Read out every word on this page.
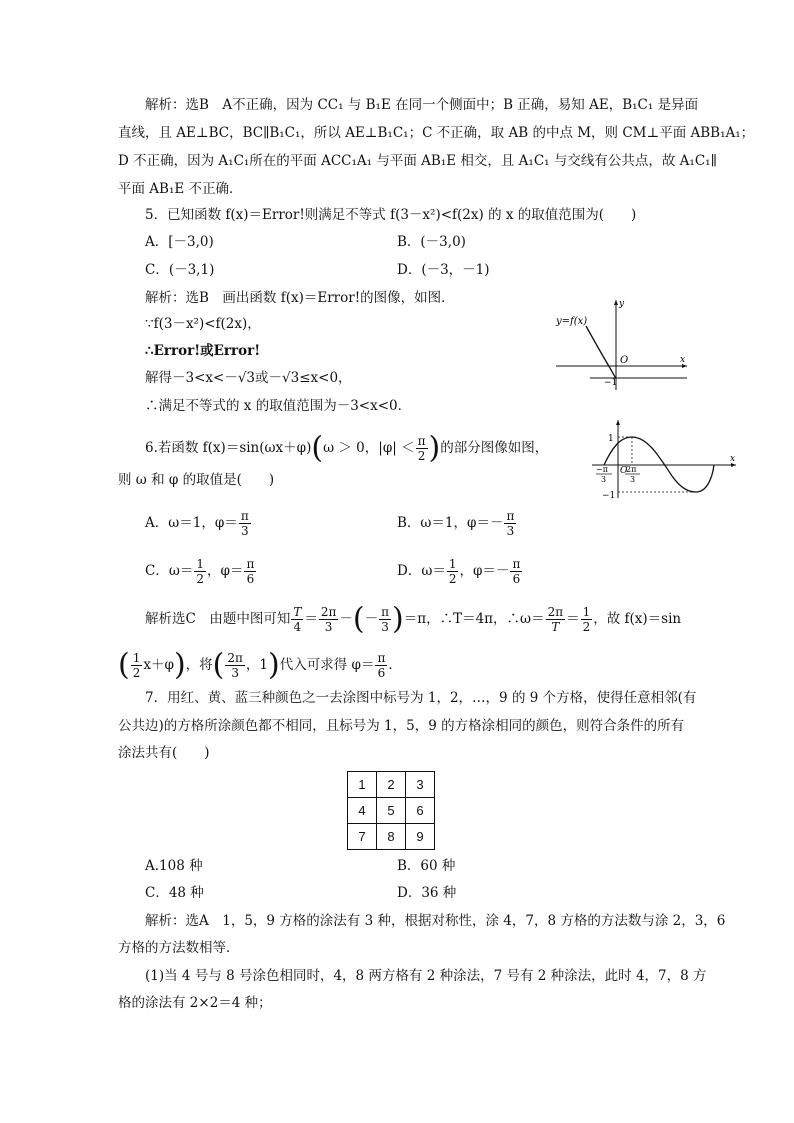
解析：选B　A不正确，因为 CC₁ 与 B₁E 在同一个侧面中；B 正确，易知 AE，B₁C₁ 是异面
直线，且 AE⊥BC，BC∥B₁C₁，所以 AE⊥B₁C₁；C 不正确，取 AB 的中点 M，则 CM⊥平面 ABB₁A₁；
D 不正确，因为 A₁C₁所在的平面 ACC₁A₁ 与平面 AB₁E 相交，且 A₁C₁ 与交线有公共点，故 A₁C₁∥
平面 AB₁E 不正确．
5．已知函数 f(x)＝Error!则满足不等式 f(3－x²)<f(2x) 的 x 的取值范围为(　　)
A．[－3,0)	B．(－3,0)
C．(－3,1)	D．(－3，－1)
解析：选B　画出函数 f(x)＝Error!的图像，如图．
∵f(3－x²)<f(2x)，
∴Error!或Error!
解得－3<x<－√3或－√3≤x<0，
∴满足不等式的 x 的取值范围为－3<x<0．
y=f(x)
O	x
y
−1
6.若函数 f(x)＝sin(ωx＋φ)(ω ＞ 0，$|\varphi| < \frac{\pi}{2}$ )的部分图像如图，
则 ω 和 φ 的取值是(　　)
1
−1
O
x
−π
3
2π
3
A．ω＝1，$\varphi= \frac{\pi}{3}$	B．ω＝1，$\varphi=- \frac{\pi}{3}$
C．$\omega= \frac{1}{2}$ ，$\varphi= \frac{\pi}{6}$	D．$\omega= \frac{1}{2}$ ，$\varphi=- \frac{\pi}{6}$
解析选C　由题中图可知 $\frac{T}{4} = \frac{2\pi}{3}$ －(－ $\frac{\pi}{3} )=\pi$，∴T＝4π，∴ω＝ $\frac{2\pi}{T} = \frac{1}{2}$ ，故 f(x)＝sin
( $\frac{1}{2} x+\varphi$)，将( $\frac{2\pi}{3}$ ，1)代入可求得 $\varphi= \frac{\pi}{6}$ ．
7．用红、黄、蓝三种颜色之一去涂图中标号为 1，2，…，9 的 9 个方格，使得任意相邻(有
公共边)的方格所涂颜色都不相同，且标号为 1，5，9 的方格涂相同的颜色，则符合条件的所有
涂法共有(　　)
1	2	3
4	5	6
7	8	9
A.108 种	B．60 种
C．48 种	D．36 种
解析：选A　1，5，9 方格的涂法有 3 种，根据对称性，涂 4，7，8 方格的方法数与涂 2，3，6
方格的方法数相等．
(1)当 4 号与 8 号涂色相同时，4，8 两方格有 2 种涂法，7 号有 2 种涂法，此时 4，7，8 方
格的涂法有 2×2＝4 种；
